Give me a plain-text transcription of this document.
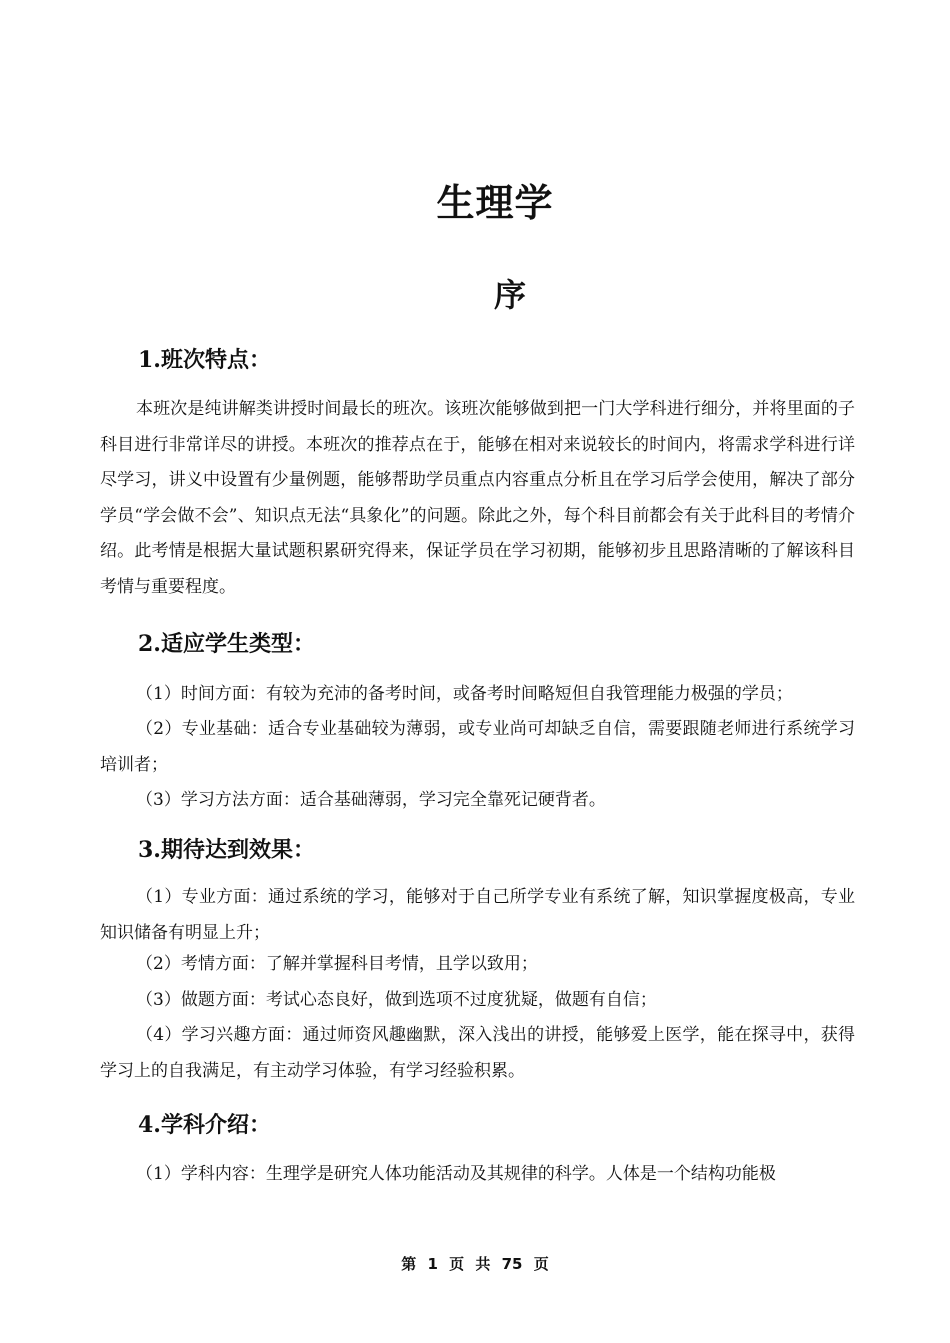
生理学
序
1.班次特点：

本班次是纯讲解类讲授时间最长的班次。该班次能够做到把一门大学科进行细分，并将里面的子科目进行非常详尽的讲授。本班次的推荐点在于，能够在相对来说较长的时间内，将需求学科进行详尽学习，讲义中设置有少量例题，能够帮助学员重点内容重点分析且在学习后学会使用，解决了部分学员“学会做不会”、知识点无法“具象化”的问题。除此之外，每个科目前都会有关于此科目的考情介绍。此考情是根据大量试题积累研究得来，保证学员在学习初期，能够初步且思路清晰的了解该科目考情与重要程度。

2.适应学生类型：

（1）时间方面：有较为充沛的备考时间，或备考时间略短但自我管理能力极强的学员；

（2）专业基础：适合专业基础较为薄弱，或专业尚可却缺乏自信，需要跟随老师进行系统学习培训者；

（3）学习方法方面：适合基础薄弱，学习完全靠死记硬背者。

3.期待达到效果：

（1）专业方面：通过系统的学习，能够对于自己所学专业有系统了解，知识掌握度极高，专业知识储备有明显上升；

（2）考情方面：了解并掌握科目考情，且学以致用；

（3）做题方面：考试心态良好，做到选项不过度犹疑，做题有自信；

（4）学习兴趣方面：通过师资风趣幽默，深入浅出的讲授，能够爱上医学，能在探寻中，获得学习上的自我满足，有主动学习体验，有学习经验积累。

4.学科介绍：

（1）学科内容：生理学是研究人体功能活动及其规律的科学。人体是一个结构功能极

第 1 页 共 75 页
